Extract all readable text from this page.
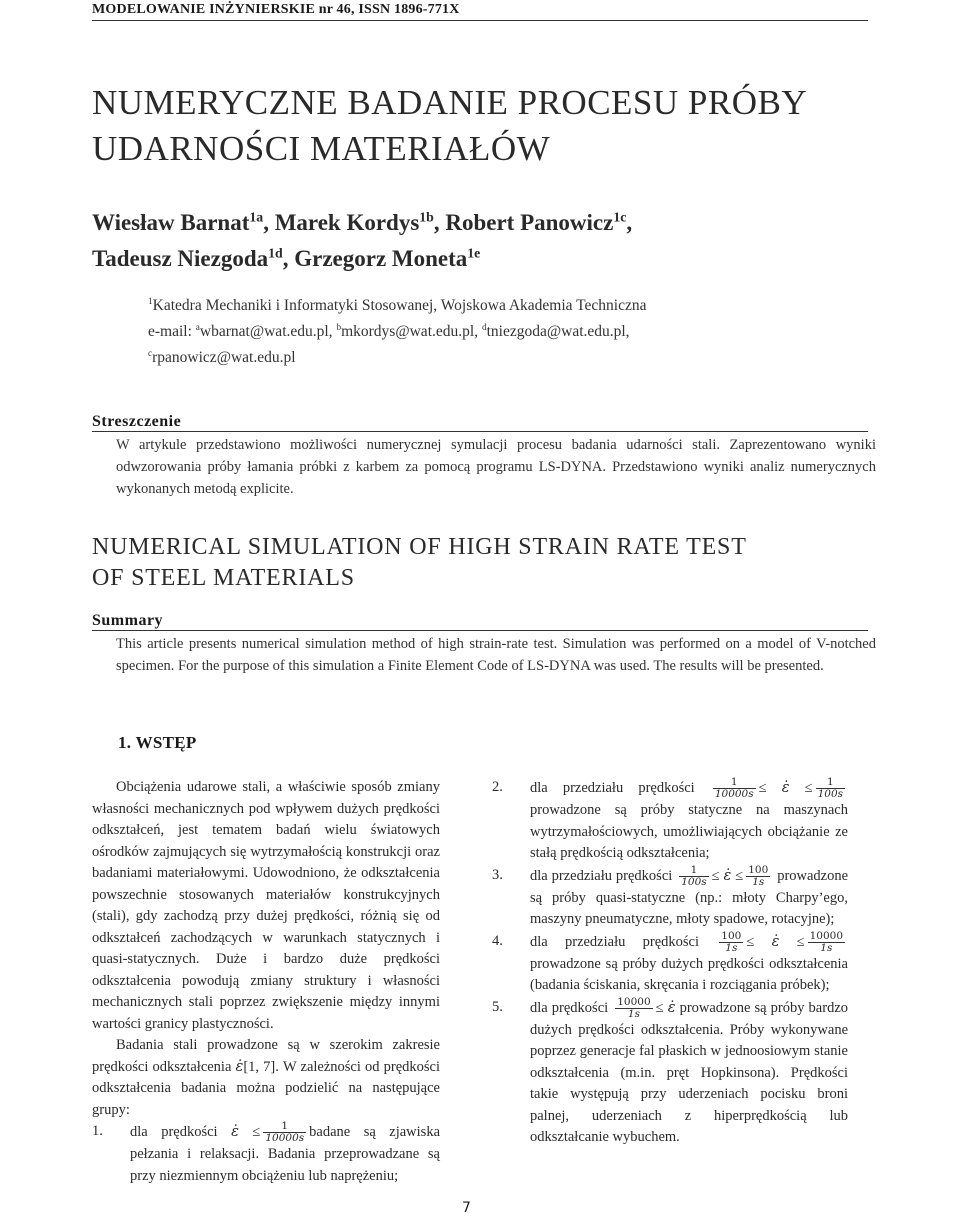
MODELOWANIE INŻYNIERSKIE nr 46, ISSN 1896-771X
NUMERYCZNE BADANIE PROCESU PRÓBY
UDARNOŚCI MATERIAŁÓW
Wiesław Barnat$^{1a}$, Marek Kordys$^{1b}$, Robert Panowicz$^{1c}$,
Tadeusz Niezgoda$^{1d}$, Grzegorz Moneta$^{1e}$
$^1$Katedra Mechaniki i Informatyki Stosowanej, Wojskowa Akademia Techniczna
e-mail: $^a$wbarnat@wat.edu.pl, $^b$mkordys@wat.edu.pl, $^d$tniezgoda@wat.edu.pl,
$^c$rpanowicz@wat.edu.pl
Streszczenie
W artykule przedstawiono możliwości numerycznej symulacji procesu badania udarności stali. Zaprezentowano wyniki odwzorowania próby łamania próbki z karbem za pomocą programu LS-DYNA. Przedstawiono wyniki analiz numerycznych wykonanych metodą explicite.
NUMERICAL SIMULATION OF HIGH STRAIN RATE TEST
OF STEEL MATERIALS
Summary
This article presents numerical simulation method of high strain-rate test. Simulation was performed on a model of V-notched specimen. For the purpose of this simulation a Finite Element Code of LS-DYNA was used. The results will be presented.
1. WSTĘP

Obciążenia udarowe stali, a właściwie sposób zmiany własności mechanicznych pod wpływem dużych prędkości odkształceń, jest tematem badań wielu światowych ośrodków zajmujących się wytrzymałością konstrukcji oraz badaniami materiałowymi. Udowodniono, że odkształcenia powszechnie stosowanych materiałów konstrukcyjnych (stali), gdy zachodzą przy dużej prędkości, różnią się od odkształceń zachodzących w warunkach statycznych i quasi-statycznych. Duże i bardzo duże prędkości odkształcenia powodują zmiany struktury i własności mechanicznych stali poprzez zwiększenie między innymi wartości granicy plastyczności.

Badania stali prowadzone są w szerokim zakresie prędkości odkształcenia ε̇[1, 7]. W zależności od prędkości odkształcenia badania można podzielić na następujące grupy:

1. dla prędkości ε̇ ≤ $\frac{1}{10000s}$ badane są zjawiska pełzania i relaksacji. Badania przeprowadzane są przy niezmiennym obciążeniu lub naprężeniu;

2. dla przedziału prędkości $\frac{1}{10000s}$ ≤ ε̇ ≤ $\frac{1}{100s}$
prowadzone są próby statyczne na maszynach wytrzymałościowych, umożliwiających obciążanie ze stałą prędkością odkształcenia;

3. dla przedziału prędkości $\frac{1}{100s}$ ≤ ε̇ ≤ $\frac{100}{1s}$ prowadzone są próby quasi-statyczne (np.: młoty Charpy’ego, maszyny pneumatyczne, młoty spadowe, rotacyjne);

4. dla przedziału prędkości $\frac{100}{1s}$ ≤ ε̇ ≤ $\frac{10000}{1s}$
prowadzone są próby dużych prędkości odkształcenia (badania ściskania, skręcania i rozciągania próbek);

5. dla prędkości $\frac{10000}{1s}$ ≤ ε̇ prowadzone są próby bardzo dużych prędkości odkształcenia. Próby wykonywane poprzez generacje fal płaskich w jednoosiowym stanie odkształcenia (m.in. pręt Hopkinsona). Prędkości takie występują przy uderzeniach pocisku broni palnej, uderzeniach z hiperprędkością lub odkształcanie wybuchem.

7
